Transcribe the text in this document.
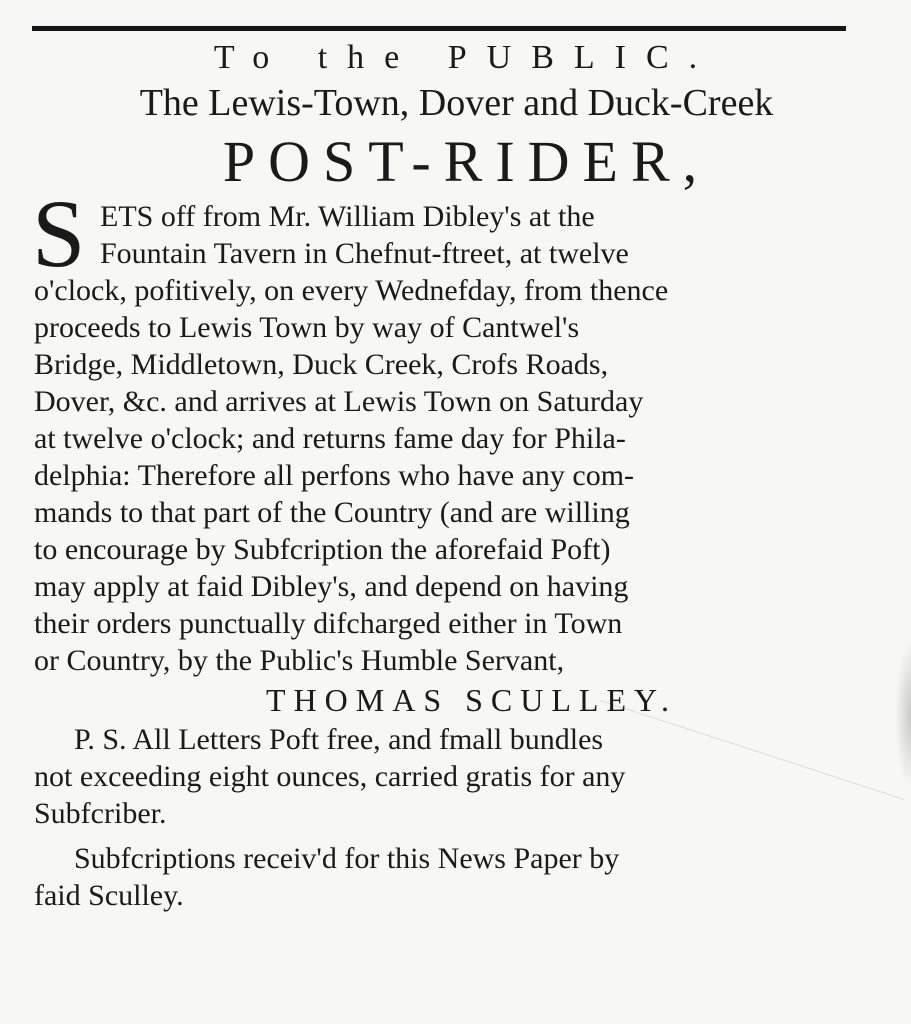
To the PUBLIC.
The Lewis-Town, Dover and Duck-Creek
POST-RIDER,
S ETS off from Mr. William Dibley's at the
Fountain Tavern in Chefnut-ftreet, at twelve
o'clock, pofitively, on every Wednefday, from thence
proceeds to Lewis Town by way of Cantwel's
Bridge, Middletown, Duck Creek, Crofs Roads,
Dover, &c. and arrives at Lewis Town on Saturday
at twelve o'clock; and returns fame day for Phila-
delphia: Therefore all perfons who have any com-
mands to that part of the Country (and are willing
to encourage by Subfcription the aforefaid Poft)
may apply at faid Dibley's, and depend on having
their orders punctually difcharged either in Town
or Country, by the Public's Humble Servant,
THOMAS SCULLEY.
P. S. All Letters Poft free, and fmall bundles
not exceeding eight ounces, carried gratis for any
Subfcriber.
Subfcriptions receiv'd for this News Paper by
faid Sculley.
